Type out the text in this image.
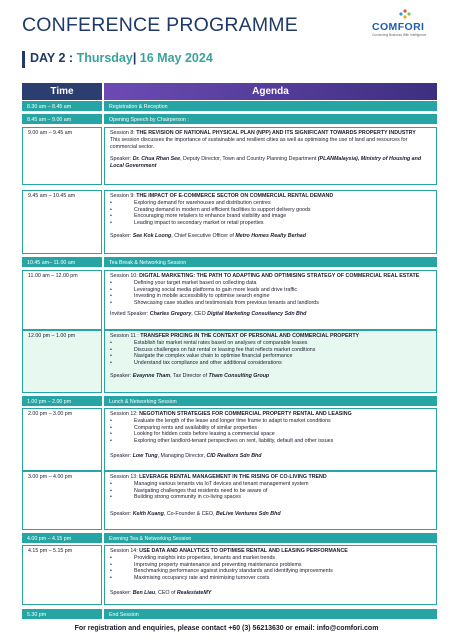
CONFERENCE PROGRAMME	COMFORI
Connecting Business With Intelligence
DAY 2 : Thursday| 16 May 2024
Time	Agenda
8.30 am – 8.45 am	Registration & Reception
8.45 am – 9.00 am	Opening Speech by Chairperson :
9.00 am – 9.45 am	Session 8: THE REVISION OF NATIONAL PHYSICAL PLAN (NPP) AND ITS SIGNIFICANT TOWARDS PROPERTY INDUSTRY
This session discusses the importance of sustainable and resilient cities as well as optimising the use of land and resources for commercial sector.
Speaker: Dr. Chua Rhan See, Deputy Director, Town and Country Planning Department (PLANMalaysia), Ministry of Housing and Local Government
9.45 am – 10.45 am	Session 9: THE IMPACT OF E-COMMERCE SECTOR ON COMMERCIAL RENTAL DEMAND
• Exploring demand for warehouses and distribution centres
• Creating demand in modern and efficient facilities to support delivery goods
• Encouraging more retailers to enhance brand visibility and image
• Leading impact to secondary market or retail properties
Speaker: See Kok Loong, Chief Executive Officer of Metro Homes Realty Berhad
10.45 am– 11.00 am	Tea Break & Networking Session
11.00 am – 12.00 pm	Session 10: DIGITAL MARKETING: THE PATH TO ADAPTING AND OPTIMISING STRATEGY OF COMMERCIAL REAL ESTATE
• Defining your target market based on collecting data
• Leveraging social media platforms to gain more leads and drive traffic
• Investing in mobile accessibility to optimise search engine
• Showcasing case studies and testimonials from previous tenants and landlords
Invited Speaker: Charles Gregory, CEO Digital Marketing Consultancy Sdn Bhd
12.00 pm – 1.00 pm	Session 11 : TRANSFER PRICING IN THE CONTEXT OF PERSONAL AND COMMERCIAL PROPERTY
• Establish fair market rental rates based on analyses of comparable leases
• Discuss challenges on fair rental or leasing fee that reflects market conditions
• Navigate the complex value chain to optimise financial performance
• Understand tax compliance and other additional considerations
Speaker: Evaynne Tham, Tax Director of Tham Consulting Group
1.00 pm – 2.00 pm	Lunch & Networking Session
2.00 pm – 3.00 pm	Session 12: NEGOTIATION STRATEGIES FOR COMMERCIAL PROPERTY RENTAL AND LEASING
• Evaluate the length of the lease and longer time frame to adapt to market conditions
• Comparing rents and availability of similar properties
• Looking for hidden costs before leasing a commercial space
• Exploring other landlord-tenant perspectives on rent, liability, default and other issues
Speaker: Low Tung, Managing Director, CID Realtors Sdn Bhd
3.00 pm – 4.00 pm	Session 13: LEVERAGE RENTAL MANAGEMENT IN THE RISING OF CO-LIVING TREND
• Managing various tenants via IoT devices and tenant management system
• Navigating challenges that residents need to be aware of
• Building strong community in co-living spaces
Speaker: Keith Kuang, Co-Founder & CEO, BeLive Ventures Sdn Bhd
4.00 pm – 4.15 pm	Evening Tea & Networking Session
4.15 pm – 5.15 pm	Session 14: USE DATA AND ANALYTICS TO OPTIMISE RENTAL AND LEASING PERFORMANCE
• Providing insights into properties, tenants and market trends
• Improving property maintenance and preventing maintenance problems
• Benchmarking performance against industry standards and identifying improvements
• Maximising occupancy rate and minimising turnover costs
Speaker: Ben Liau, CEO of RealestateMY
5.30 pm	End Session
For registration and enquiries, please contact +60 (3) 56213630 or email: info@comfori.com
